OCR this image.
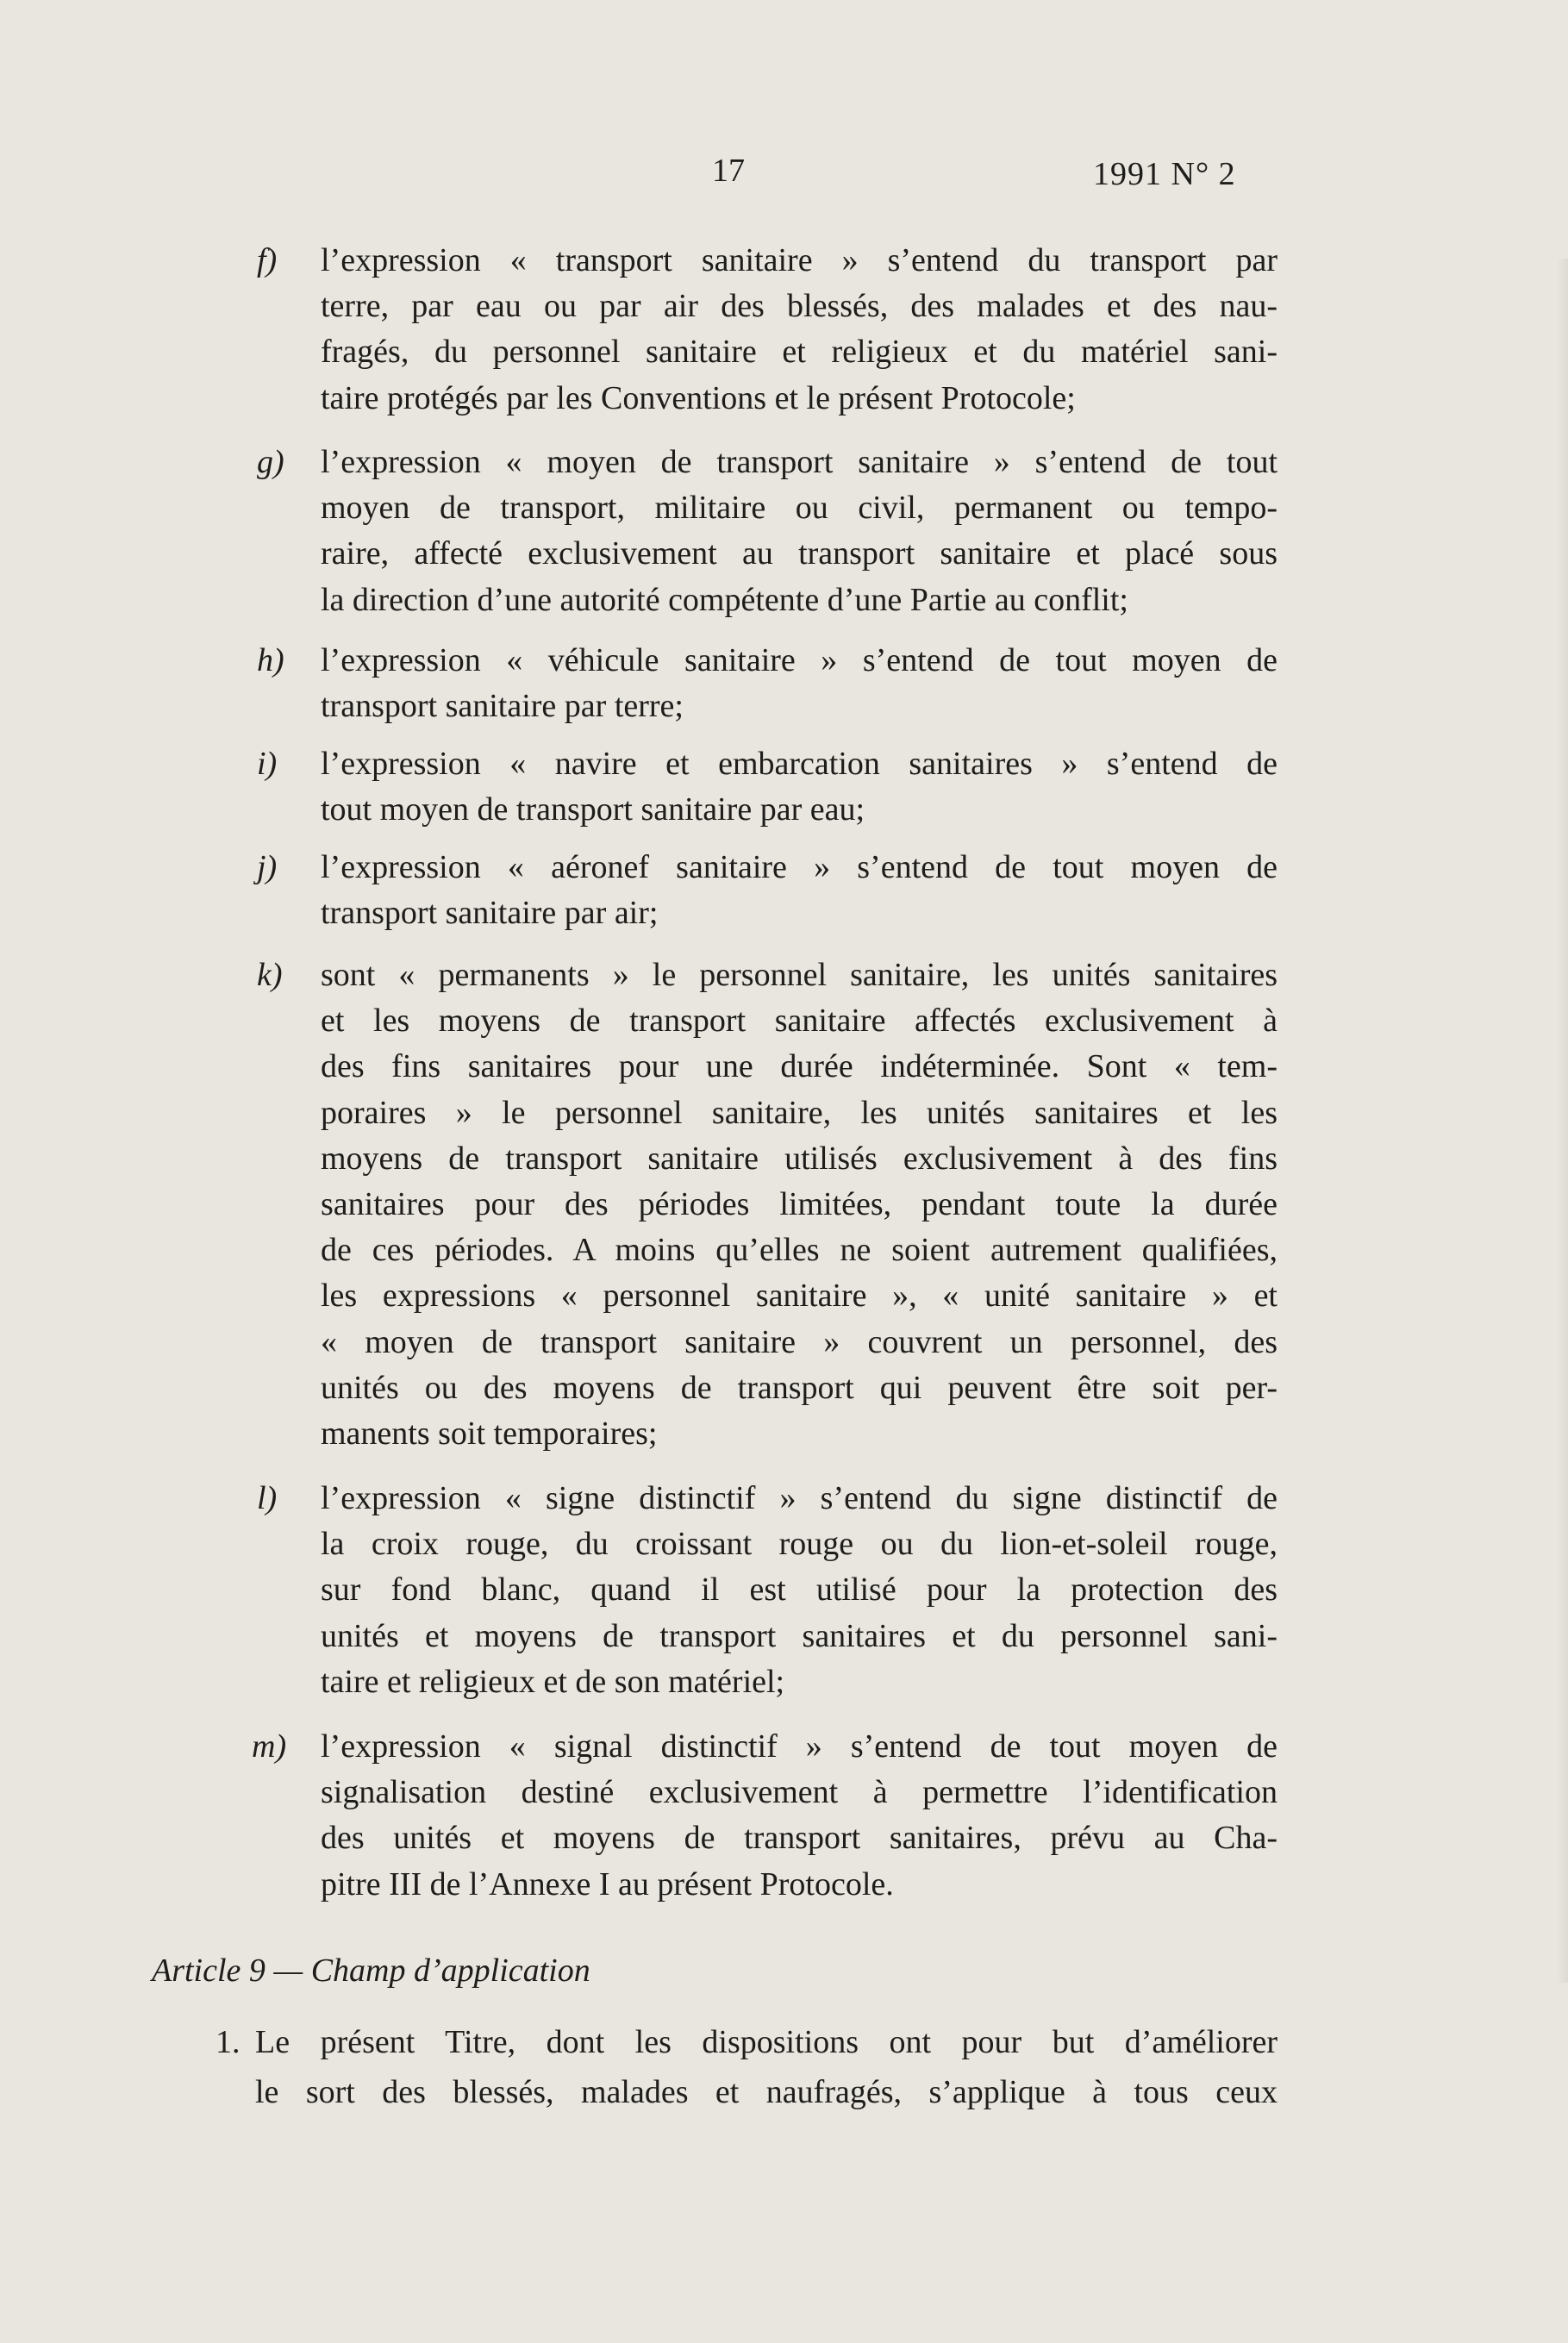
17	1991 N° 2
f) l’expression « transport sanitaire » s’entend du transport par
terre, par eau ou par air des blessés, des malades et des nau-
fragés, du personnel sanitaire et religieux et du matériel sani-
taire protégés par les Conventions et le présent Protocole;
g) l’expression « moyen de transport sanitaire » s’entend de tout
moyen de transport, militaire ou civil, permanent ou tempo-
raire, affecté exclusivement au transport sanitaire et placé sous
la direction d’une autorité compétente d’une Partie au conflit;
h) l’expression « véhicule sanitaire » s’entend de tout moyen de
transport sanitaire par terre;
i) l’expression « navire et embarcation sanitaires » s’entend de
tout moyen de transport sanitaire par eau;
j) l’expression « aéronef sanitaire » s’entend de tout moyen de
transport sanitaire par air;
k) sont « permanents » le personnel sanitaire, les unités sanitaires
et les moyens de transport sanitaire affectés exclusivement à
des fins sanitaires pour une durée indéterminée. Sont « tem-
poraires » le personnel sanitaire, les unités sanitaires et les
moyens de transport sanitaire utilisés exclusivement à des fins
sanitaires pour des périodes limitées, pendant toute la durée
de ces périodes. A moins qu’elles ne soient autrement qualifiées,
les expressions « personnel sanitaire », « unité sanitaire » et
« moyen de transport sanitaire » couvrent un personnel, des
unités ou des moyens de transport qui peuvent être soit per-
manents soit temporaires;
l) l’expression « signe distinctif » s’entend du signe distinctif de
la croix rouge, du croissant rouge ou du lion-et-soleil rouge,
sur fond blanc, quand il est utilisé pour la protection des
unités et moyens de transport sanitaires et du personnel sani-
taire et religieux et de son matériel;
m) l’expression « signal distinctif » s’entend de tout moyen de
signalisation destiné exclusivement à permettre l’identification
des unités et moyens de transport sanitaires, prévu au Cha-
pitre III de l’Annexe I au présent Protocole.
Article 9 — Champ d’application
1. Le présent Titre, dont les dispositions ont pour but d’améliorer
le sort des blessés, malades et naufragés, s’applique à tous ceux
